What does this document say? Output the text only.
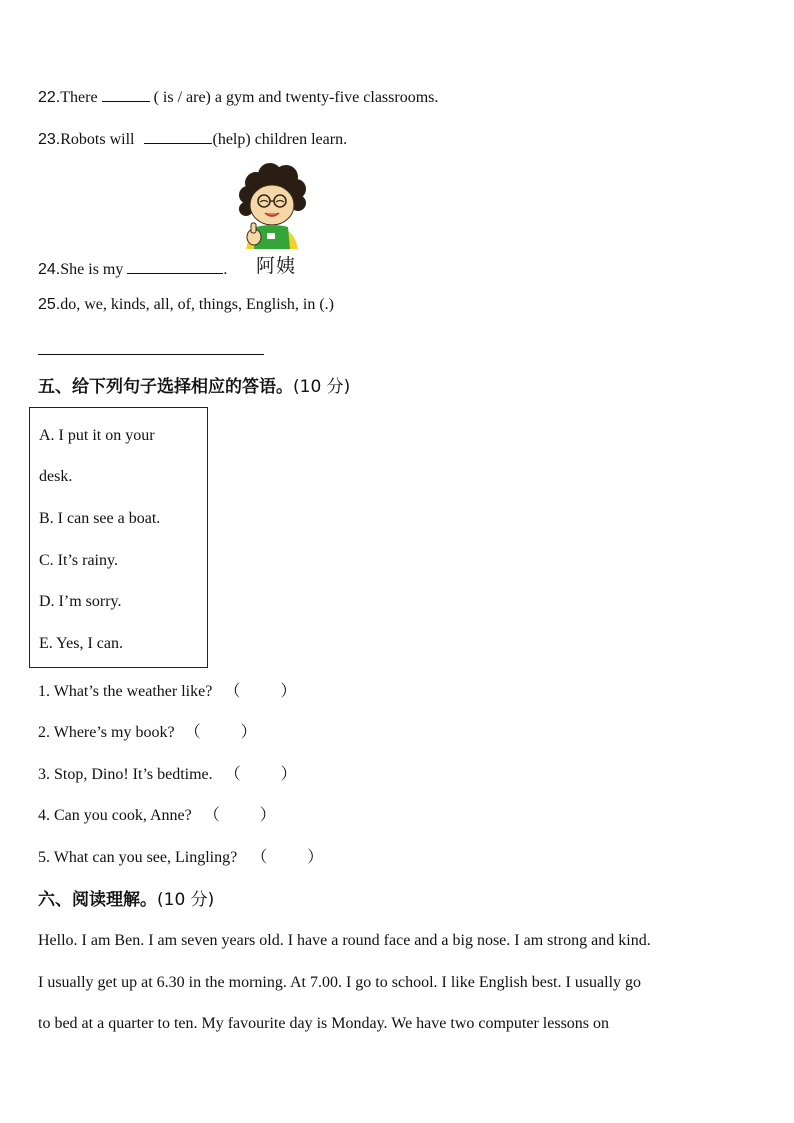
22.There	( is / are) a gym and twenty-five classrooms.
23.Robots will	(help) children learn.
阿姨
24.She is my	.
25.do, we, kinds, all, of, things, English, in (.)
五、给下列句子选择相应的答语。(10 分)
A. I put it on your
desk.
B. I can see a boat.
C. It’s rainy.
D. I’m sorry.
E. Yes, I can.
1. What’s the weather like? （	）
2. Where’s my book? （	）
3. Stop, Dino! It’s bedtime. （	）
4. Can you cook, Anne? （	）
5. What can you see, Lingling? （	）
六、阅读理解。(10 分)
Hello. I am Ben. I am seven years old. I have a round face and a big nose. I am strong and kind.
I usually get up at 6.30 in the morning. At 7.00. I go to school. I like English best. I usually go
to bed at a quarter to ten. My favourite day is Monday. We have two computer lessons on
